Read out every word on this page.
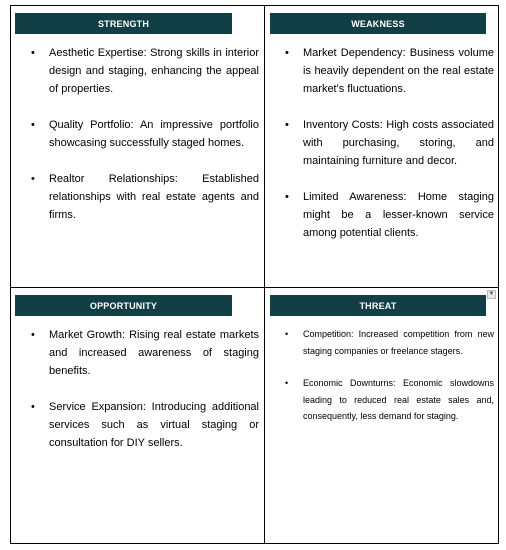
STRENGTH
• Aesthetic Expertise: Strong skills in interior design and staging, enhancing the appeal of properties.
• Quality Portfolio: An impressive portfolio showcasing successfully staged homes.
• Realtor Relationships: Established relationships with real estate agents and firms.
WEAKNESS
• Market Dependency: Business volume is heavily dependent on the real estate market's fluctuations.
• Inventory Costs: High costs associated with purchasing, storing, and maintaining furniture and decor.
• Limited Awareness: Home staging might be a lesser-known service among potential clients.
OPPORTUNITY
• Market Growth: Rising real estate markets and increased awareness of staging benefits.
• Service Expansion: Introducing additional services such as virtual staging or consultation for DIY sellers.
THREAT
• Competition: Increased competition from new staging companies or freelance stagers.
• Economic Downturns: Economic slowdowns leading to reduced real estate sales and, consequently, less demand for staging.
▼
